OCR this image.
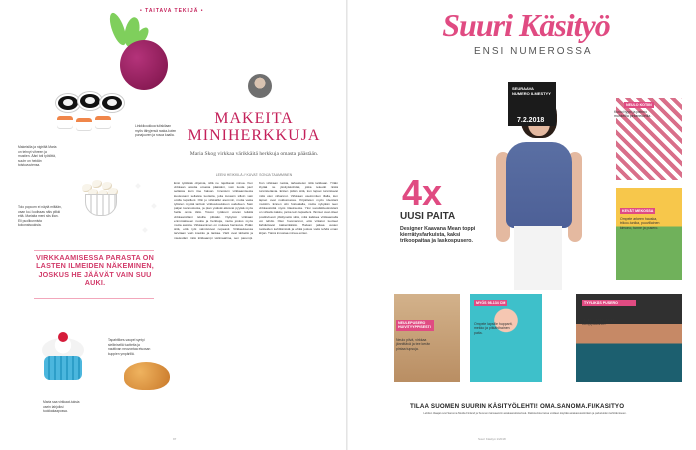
• TAITAVA TEKIJÄ •
Linkkikoukkua tuliskilaan myös tähyjensä raaka-kuten punajuuren ja rusoa kaalia.
Makeisilla ja nigiriltä Maria on tehnyt vihreen ja mustien. Ääni toti työtöttä, suuhr on heidän toistuvuutensa.
Tolo popcorn ei näytä miltään, vaan ko-i luolissas näis pilkki että. Mariaita meni siis liian. Eli puolikunnista kokonaisuuksia.
VIRKKAAMISESSA PARASTA ON LASTEN ILMEIDEN NÄKEMINEN, JOSKUS HE JÄÄVÄT VAIN SUU AUKI.
Maria saa virkkaat-tuksia usein lahjoiksi tuokkakaapossa.
Tapahtlikes-vaupel syntyi siellinisellä tuotteita ja nauttivan neuvontaa etuosan kuppien ympärillä.
MAKEITA
MINIHERKKUJA
Maria Skog virkkaa värikkäitä herkkuja omasta päästään.
LEENI HEIKKILÄ // KUVAT: SONJA TAAMMINEN
Ensi työkkää ohjeista, sillä ne rajoittavat minua. Kun virkkaan asioita omasta päästäni, voin luoda juuri sellaisia kuin itse haluan. Innostuin virkkaamisesta kuulessani sellaisia tuotteita, joita kuvasin silloin vain omille lapsilleni. Olin jo virkkaillut aiemmin, mutta vasta tyttären myötä tarttuin virkkuukoukkuun uudelleen. Sain paljon kannustusta, ja pian ystävät alkoivat pyytää myös heille omia töitä. Toivon tyttäreni voivan leikkiä virkkaamillani leluilla pitkään. Nykyisin virkkaan enimmäkseen ruokia ja herkkuja, mutta joskus myös muita asioita. Virkkaaminen on mukava harrastus. Pidän siitä, että työt valmistuvat nopeasti. Virkkauksessa tarvitaan vain koukku ja lankaa. Värit ovat tärkeitä ja mielestäni mitä kirkkaampi värimaailma, sen parempi. Kun virkkaan ruokia, tarkastelen niitä tarkkaan. Yritän löytää ne yksityiskohdat, jotka tekevät niistä tunnistettavia. Eniten pidän siitä, kun lapset tunnistavat mitä olen virkannut. Virkkaan useimmiten illalla, kun lapset ovat nukkumassa. Kirjoittelen myös ideoitani muistiin. Ennen olin hoitoalalla, mutta nykyään teen virkkaustöitä myös tilauksesta. Yksi suosikkiteoksistani on virkattu kakku, jonka tein lapselleni. Ihmiset ovat olleet positiivisesti yllättyneitä siitä, mitä kaikkea virkkaamalla voi tehdä. Olen huomannut, että virkatut tuotteet ilahduttavat kaikenikäisiä. Haluan jatkaa uusien tuotteiden kehittämistä ja ehkä joskus vielä tehdä oman kirjan. Tämä innostaa minua eniten.
97
Suuri Käsityö
ENSI NUMEROSSA
SEURAAVA NUMERO ILMESTYY
7.2.2018
4x
UUSI PAITA
Designer Kaavana Mean toppi kierrätysfarkuista, kaksi trikoopaitaa ja laskospusero.
NEULO KOTIIN
Kuvioi tyyni ja pehmo muhkeilla pintaneuleilla.
KEVÄT MEKOSSA
Ompele arkeen hauska, trikoo-tunika, puuvillainen kimono, tunne ja pusero.
NEULEPUSERO HUIVITYYPPISESTI
Neulo pilvä, virkkaa jännittävä ja tee kerän pintaa tupsuja.
MYÖS 98-134 CM
Ompele lapsille hupparit, mekko ja pitkähihainen paita.
TYYLIKÄS PUSERO
Neulo miehen puhdas kampipäällinen.
TILAA SUOMEN SUURIN KÄSITYÖLEHTI! OMA.SANOMA.FI/KASITYO
Lehden tilaajat ovat Sanoma Media Finland ja Suomen lainsaamiin asiakasrekisterissä. Rekisterista tietoa voidaan käyttää asiakasviestintään ja palveluiden kehittämiseen.
Suuri Käsityö 1/2018
